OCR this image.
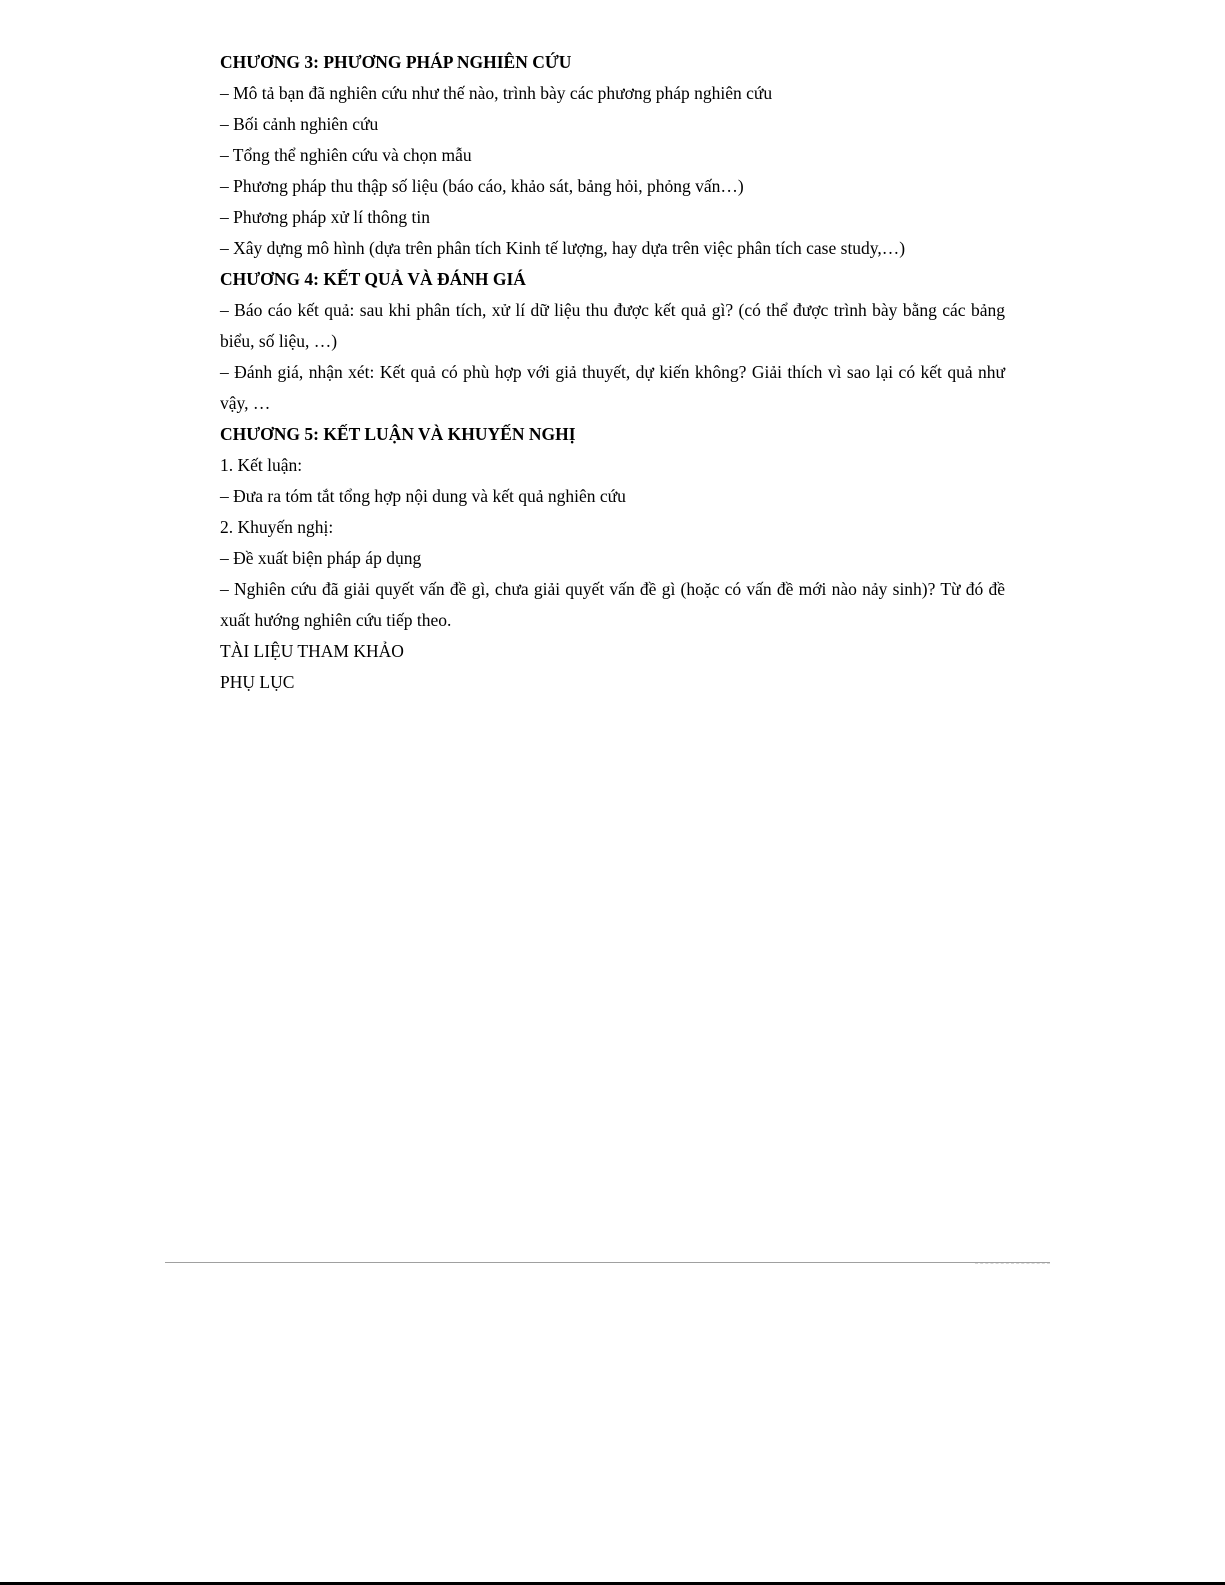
CHƯƠNG 3: PHƯƠNG PHÁP NGHIÊN CỨU
– Mô tả bạn đã nghiên cứu như thế nào, trình bày các phương pháp nghiên cứu
– Bối cảnh nghiên cứu
– Tổng thể nghiên cứu và chọn mẫu
– Phương pháp thu thập số liệu (báo cáo, khảo sát, bảng hỏi, phỏng vấn…)
– Phương pháp xử lí thông tin
– Xây dựng mô hình (dựa trên phân tích Kinh tế lượng, hay dựa trên việc phân tích case study,…)
CHƯƠNG 4: KẾT QUẢ VÀ ĐÁNH GIÁ
– Báo cáo kết quả: sau khi phân tích, xử lí dữ liệu thu được kết quả gì? (có thể được trình bày bằng các bảng biểu, số liệu, …)
– Đánh giá, nhận xét: Kết quả có phù hợp với giả thuyết, dự kiến không? Giải thích vì sao lại có kết quả như vậy, …
CHƯƠNG 5: KẾT LUẬN VÀ KHUYẾN NGHỊ
1. Kết luận:
– Đưa ra tóm tắt tổng hợp nội dung và kết quả nghiên cứu
2. Khuyến nghị:
– Đề xuất biện pháp áp dụng
– Nghiên cứu đã giải quyết vấn đề gì, chưa giải quyết vấn đề gì (hoặc có vấn đề mới nào nảy sinh)? Từ đó đề xuất hướng nghiên cứu tiếp theo.
TÀI LIỆU THAM KHẢO
PHỤ LỤC
